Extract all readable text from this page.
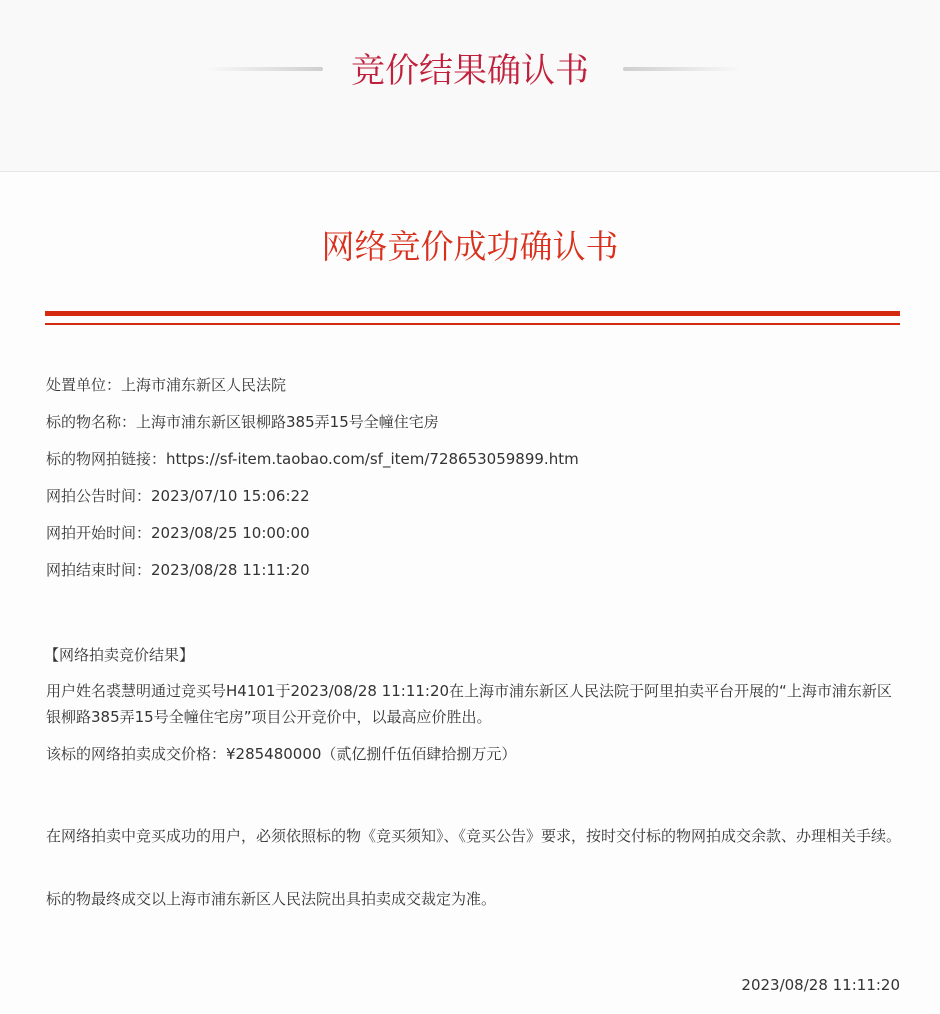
竞价结果确认书
网络竞价成功确认书
处置单位：上海市浦东新区人民法院
标的物名称：上海市浦东新区银柳路385弄15号全幢住宅房
标的物网拍链接：https://sf-item.taobao.com/sf_item/728653059899.htm
网拍公告时间：2023/07/10 15:06:22
网拍开始时间：2023/08/25 10:00:00
网拍结束时间：2023/08/28 11:11:20
【网络拍卖竞价结果】
用户姓名裘慧明通过竞买号H4101于2023/08/28 11:11:20在上海市浦东新区人民法院于阿里拍卖平台开展的“上海市浦东新区银柳路385弄15号全幢住宅房”项目公开竞价中，以最高应价胜出。
该标的网络拍卖成交价格：¥285480000（贰亿捌仟伍佰肆拾捌万元）
在网络拍卖中竞买成功的用户，必须依照标的物《竞买须知》、《竞买公告》要求，按时交付标的物网拍成交余款、办理相关手续。
标的物最终成交以上海市浦东新区人民法院出具拍卖成交裁定为准。
2023/08/28 11:11:20
